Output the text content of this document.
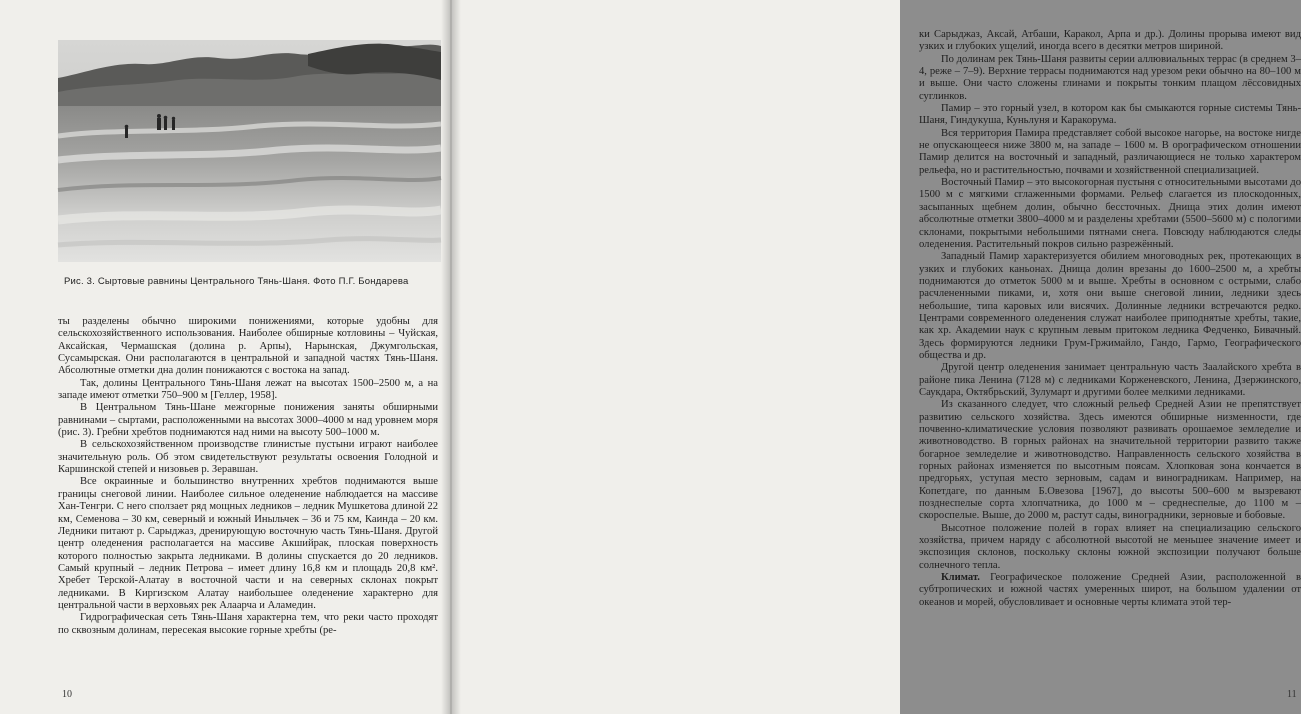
Рис. 3. Сыртовые равнины Центрального Тянь-Шаня. Фото П.Г. Бондарева

ты разделены обычно широкими понижениями, которые удобны для сельскохозяйственного использования. Наиболее обширные котловины – Чуйская, Аксайская, Чермашская (долина р. Арпы), Нарынская, Джумгольская, Сусамырская. Они располагаются в центральной и западной частях Тянь-Шаня. Абсолютные отметки дна долин понижаются с востока на запад.

Так, долины Центрального Тянь-Шаня лежат на высотах 1500–2500 м, а на западе имеют отметки 750–900 м [Геллер, 1958].

В Центральном Тянь-Шане межгорные понижения заняты обширными равнинами – сыртами, расположенными на высотах 3000–4000 м над уровнем моря (рис. 3). Гребни хребтов поднимаются над ними на высоту 500–1000 м.

В сельскохозяйственном производстве глинистые пустыни играют наиболее значительную роль. Об этом свидетельствуют результаты освоения Голодной и Каршинской степей и низовьев р. Зеравшан.

Все окраинные и большинство внутренних хребтов поднимаются выше границы снеговой линии. Наиболее сильное оледенение наблюдается на массиве Хан-Тенгри. С него сползает ряд мощных ледников – ледник Мушкетова длиной 22 км, Семенова – 30 км, северный и южный Иныльчек – 36 и 75 км, Каинда – 20 км. Ледники питают р. Сарыджаз, дренирующую восточную часть Тянь-Шаня. Другой центр оледенения располагается на массиве Акшийрак, плоская поверхность которого полностью закрыта ледниками. В долины спускается до 20 ледников. Самый крупный – ледник Петрова – имеет длину 16,8 км и площадь 20,8 км². Хребет Терской-Алатау в восточной части и на северных склонах покрыт ледниками. В Киргизском Алатау наибольшее оледенение характерно для центральной части в верховьях рек Алаарча и Аламедин.

Гидрографическая сеть Тянь-Шаня характерна тем, что реки часто проходят по сквозным долинам, пересекая высокие горные хребты (ре-

10

ки Сарыджаз, Аксай, Атбаши, Каракол, Арпа и др.). Долины прорыва имеют вид узких и глубоких ущелий, иногда всего в десятки метров шириной.

По долинам рек Тянь-Шаня развиты серии аллювиальных террас (в среднем 3–4, реже – 7–9). Верхние террасы поднимаются над урезом реки обычно на 80–100 м и выше. Они часто сложены глинами и покрыты тонким плащом лёссовидных суглинков.

Памир – это горный узел, в котором как бы смыкаются горные системы Тянь-Шаня, Гиндукуша, Куньлуня и Каракорума.

Вся территория Памира представляет собой высокое нагорье, на востоке нигде не опускающееся ниже 3800 м, на западе – 1600 м. В орографическом отношении Памир делится на восточный и западный, различающиеся не только характером рельефа, но и растительностью, почвами и хозяйственной специализацией.

Восточный Памир – это высокогорная пустыня с относительными высотами до 1500 м с мягкими сглаженными формами. Рельеф слагается из плоскодонных, засыпанных щебнем долин, обычно бессточных. Днища этих долин имеют абсолютные отметки 3800–4000 м и разделены хребтами (5500–5600 м) с пологими склонами, покрытыми небольшими пятнами снега. Повсюду наблюдаются следы оледенения. Растительный покров сильно разрежённый.

Западный Памир характеризуется обилием многоводных рек, протекающих в узких и глубоких каньонах. Днища долин врезаны до 1600–2500 м, а хребты поднимаются до отметок 5000 м и выше. Хребты в основном с острыми, слабо расчлененными пиками, и, хотя они выше снеговой линии, ледники здесь небольшие, типа каровых или висячих. Долинные ледники встречаются редко. Центрами современного оледенения служат наиболее приподнятые хребты, такие, как хр. Академии наук с крупным левым притоком ледника Федченко, Бивачный. Здесь формируются ледники Грум-Гржимайло, Гандо, Гармо, Географического общества и др.

Другой центр оледенения занимает центральную часть Заалайского хребта в районе пика Ленина (7128 м) с ледниками Корженевского, Ленина, Дзержинского, Саукдара, Октябрьский, Зулумарт и другими более мелкими ледниками.

Из сказанного следует, что сложный рельеф Средней Азии не препятствует развитию сельского хозяйства. Здесь имеются обширные низменности, где почвенно-климатические условия позволяют развивать орошаемое земледелие и животноводство. В горных районах на значительной территории развито также богарное земледелие и животноводство. Направленность сельского хозяйства в горных районах изменяется по высотным поясам. Хлопковая зона кончается в предгорьях, уступая место зерновым, садам и виноградникам. Например, на Копетдаге, по данным Б.Овезова [1967], до высоты 500–600 м вызревают позднеспелые сорта хлопчатника, до 1000 м – среднеспелые, до 1100 м – скороспелые. Выше, до 2000 м, растут сады, виноградники, зерновые и бобовые.

Высотное положение полей в горах влияет на специализацию сельского хозяйства, причем наряду с абсолютной высотой не меньшее значение имеет и экспозиция склонов, поскольку склоны южной экспозиции получают больше солнечного тепла.

Климат. Географическое положение Средней Азии, расположенной в субтропических и южной частях умеренных широт, на большом удалении от океанов и морей, обусловливает и основные черты климата этой тер-

11
